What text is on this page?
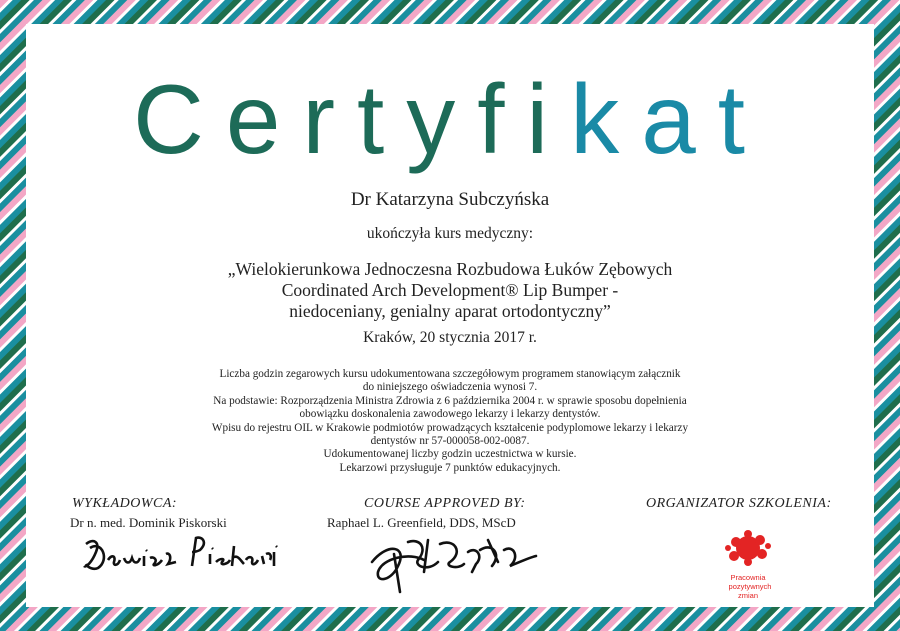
Certyfikat
Dr Katarzyna Subczyńska
ukończyła kurs medyczny:
„Wielokierunkowa Jednoczesna Rozbudowa Łuków Zębowych
Coordinated Arch Development® Lip Bumper -
niedoceniany, genialny aparat ortodontyczny”
Kraków, 20 stycznia 2017 r.
Liczba godzin zegarowych kursu udokumentowana szczegółowym programem stanowiącym załącznik
do niniejszego oświadczenia wynosi 7.
Na podstawie: Rozporządzenia Ministra Zdrowia z 6 października 2004 r. w sprawie sposobu dopełnienia
obowiązku doskonalenia zawodowego lekarzy i lekarzy dentystów.
Wpisu do rejestru OIL w Krakowie podmiotów prowadzących kształcenie podyplomowe lekarzy i lekarzy
dentystów nr 57-000058-002-0087.
Udokumentowanej liczby godzin uczestnictwa w kursie.
Lekarzowi przysługuje 7 punktów edukacyjnych.
WYKŁADOWCA:
Dr n. med. Dominik Piskorski
COURSE APPROVED BY:
Raphael L. Greenfield, DDS, MScD
ORGANIZATOR SZKOLENIA:
Pracownia
pozytywnych
zmian
